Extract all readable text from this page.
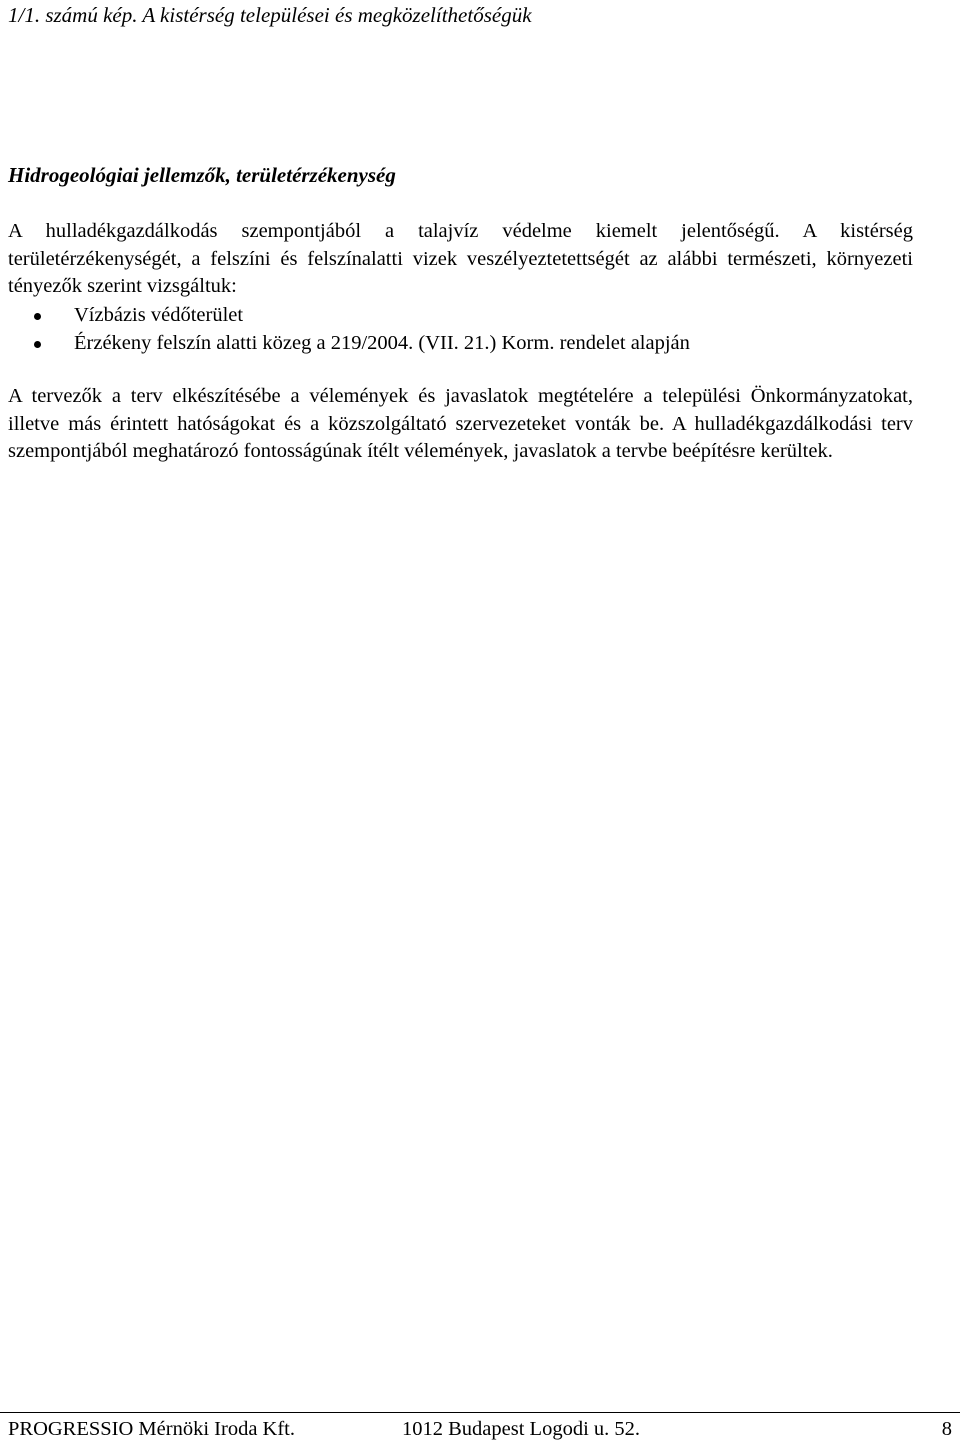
1/1. számú kép. A kistérség települései és megközelíthetőségük
Hidrogeológiai jellemzők, területérzékenység

A hulladékgazdálkodás szempontjából a talajvíz védelme kiemelt jelentőségű. A kistérség területérzékenységét, a felszíni és felszínalatti vizek veszélyeztetettségét az alábbi természeti, környezeti tényezők szerint vizsgáltuk:

Vízbázis védőterület
Érzékeny felszín alatti közeg a 219/2004. (VII. 21.) Korm. rendelet alapján

A tervezők a terv elkészítésébe a vélemények és javaslatok megtételére a települési Önkormányzatokat, illetve más érintett hatóságokat és a közszolgáltató szervezeteket vonták be. A hulladékgazdálkodási terv szempontjából meghatározó fontosságúnak ítélt vélemények, javaslatok a tervbe beépítésre kerültek.

PROGRESSIO Mérnöki Iroda Kft.	1012 Budapest Logodi u. 52.	8
